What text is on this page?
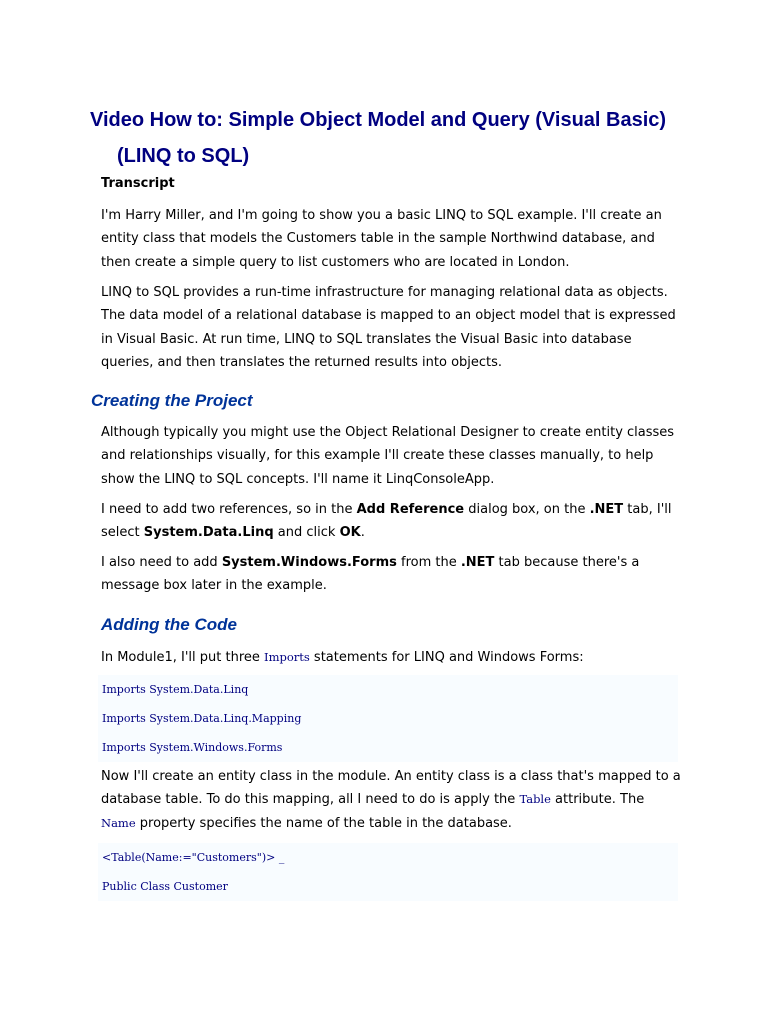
Video How to: Simple Object Model and Query (Visual Basic)
(LINQ to SQL)

Transcript

I'm Harry Miller, and I'm going to show you a basic LINQ to SQL example. I'll create an entity class that models the Customers table in the sample Northwind database, and then create a simple query to list customers who are located in London.

LINQ to SQL provides a run-time infrastructure for managing relational data as objects. The data model of a relational database is mapped to an object model that is expressed in Visual Basic. At run time, LINQ to SQL translates the Visual Basic into database queries, and then translates the returned results into objects.

Creating the Project

Although typically you might use the Object Relational Designer to create entity classes and relationships visually, for this example I'll create these classes manually, to help show the LINQ to SQL concepts. I'll name it LinqConsoleApp.

I need to add two references, so in the Add Reference dialog box, on the .NET tab, I'll select System.Data.Linq and click OK.

I also need to add System.Windows.Forms from the .NET tab because there's a message box later in the example.

Adding the Code

In Module1, I'll put three Imports statements for LINQ and Windows Forms:

Imports System.Data.Linq
Imports System.Data.Linq.Mapping
Imports System.Windows.Forms

Now I'll create an entity class in the module. An entity class is a class that's mapped to a database table. To do this mapping, all I need to do is apply the Table attribute. The Name property specifies the name of the table in the database.

<Table(Name:="Customers")> _
Public Class Customer
